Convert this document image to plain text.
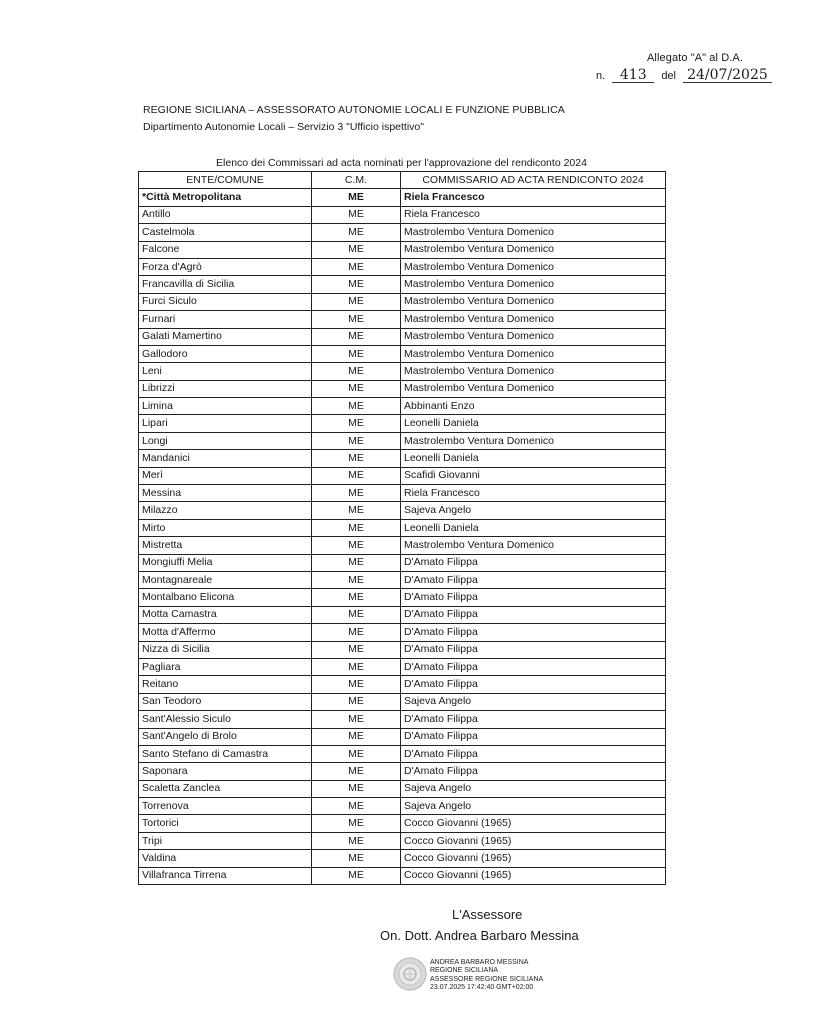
Allegato "A" al D.A.
n. 413 del 24/07/2025
REGIONE SICILIANA – ASSESSORATO AUTONOMIE LOCALI E FUNZIONE PUBBLICA
Dipartimento Autonomie Locali – Servizio 3 "Ufficio ispettivo"
Elenco dei Commissari ad acta nominati per l'approvazione del rendiconto 2024
ENTE/COMUNE	C.M.	COMMISSARIO AD ACTA RENDICONTO 2024
*Città Metropolitana	ME	Riela Francesco
Antillo	ME	Riela Francesco
Castelmola	ME	Mastrolembo Ventura Domenico
Falcone	ME	Mastrolembo Ventura Domenico
Forza d'Agrò	ME	Mastrolembo Ventura Domenico
Francavilla di Sicilia	ME	Mastrolembo Ventura Domenico
Furci Siculo	ME	Mastrolembo Ventura Domenico
Furnari	ME	Mastrolembo Ventura Domenico
Galati Mamertino	ME	Mastrolembo Ventura Domenico
Gallodoro	ME	Mastrolembo Ventura Domenico
Leni	ME	Mastrolembo Ventura Domenico
Librizzi	ME	Mastrolembo Ventura Domenico
Limina	ME	Abbinanti Enzo
Lipari	ME	Leonelli Daniela
Longi	ME	Mastrolembo Ventura Domenico
Mandanici	ME	Leonelli Daniela
Merì	ME	Scafidi Giovanni
Messina	ME	Riela Francesco
Milazzo	ME	Sajeva Angelo
Mirto	ME	Leonelli Daniela
Mistretta	ME	Mastrolembo Ventura Domenico
Mongiuffi Melia	ME	D'Amato Filippa
Montagnareale	ME	D'Amato Filippa
Montalbano Elicona	ME	D'Amato Filippa
Motta Camastra	ME	D'Amato Filippa
Motta d'Affermo	ME	D'Amato Filippa
Nizza di Sicilia	ME	D'Amato Filippa
Pagliara	ME	D'Amato Filippa
Reitano	ME	D'Amato Filippa
San Teodoro	ME	Sajeva Angelo
Sant'Alessio Siculo	ME	D'Amato Filippa
Sant'Angelo di Brolo	ME	D'Amato Filippa
Santo Stefano di Camastra	ME	D'Amato Filippa
Saponara	ME	D'Amato Filippa
Scaletta Zanclea	ME	Sajeva Angelo
Torrenova	ME	Sajeva Angelo
Tortorici	ME	Cocco Giovanni (1965)
Tripi	ME	Cocco Giovanni (1965)
Valdina	ME	Cocco Giovanni (1965)
Villafranca Tirrena	ME	Cocco Giovanni (1965)
L'Assessore
On. Dott. Andrea Barbaro Messina
ANDREA BARBARO MESSINA
REGIONE SICILIANA
ASSESSORE REGIONE SICILIANA
23.07.2025 17:42:40 GMT+02:00
